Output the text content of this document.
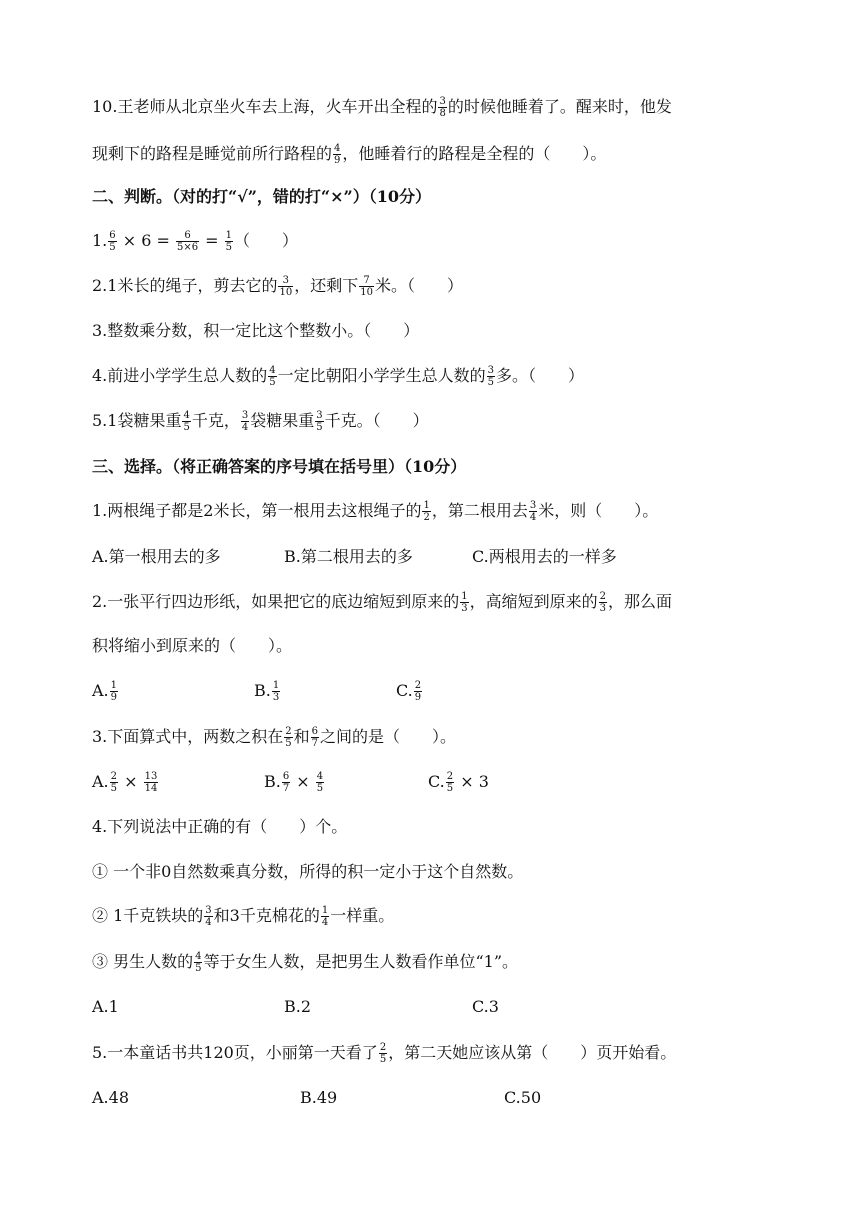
10.王老师从北京坐火车去上海，火车开出全程的 $\frac{3}{8}$ 的时候他睡着了。醒来时，他发
现剩下的路程是睡觉前所行路程的 $\frac{4}{9}$ ，他睡着行的路程是全程的（　　）。
二、判断。（对的打“√”，错的打“×”）（10分）
1. $\frac{6}{5} \times 6 = \frac{6}{5\times 6} = \frac{1}{5}$ （　　）
2.1米长的绳子，剪去它的 $\frac{3}{10}$ ，还剩下 $\frac{7}{10}$ 米。（　　）
3.整数乘分数，积一定比这个整数小。（　　）
4.前进小学学生总人数的 $\frac{4}{5}$ 一定比朝阳小学学生总人数的 $\frac{3}{5}$ 多。（　　）
5.1袋糖果重 $\frac{4}{5}$ 千克， $\frac{3}{4}$ 袋糖果重 $\frac{3}{5}$ 千克。（　　）
三、选择。（将正确答案的序号填在括号里）（10分）
1.两根绳子都是2米长，第一根用去这根绳子的 $\frac{1}{2}$ ，第二根用去 $\frac{3}{4}$ 米，则（　　）。
A.第一根用去的多	B.第二根用去的多	C.两根用去的一样多
2.一张平行四边形纸，如果把它的底边缩短到原来的 $\frac{1}{3}$ ，高缩短到原来的 $\frac{2}{3}$ ，那么面
积将缩小到原来的（　　）。
A. $\frac{1}{9}$	B. $\frac{1}{3}$	C. $\frac{2}{9}$
3.下面算式中，两数之积在 $\frac{2}{5}$ 和 $\frac{6}{7}$ 之间的是（　　）。
A. $\frac{2}{5} \times \frac{13}{14}$	B. $\frac{6}{7} \times \frac{4}{5}$	C. $\frac{2}{5} \times 3$
4.下列说法中正确的有（　　）个。
① 一个非0自然数乘真分数，所得的积一定小于这个自然数。
② 1千克铁块的 $\frac{3}{4}$ 和3千克棉花的 $\frac{1}{4}$ 一样重。
③ 男生人数的 $\frac{4}{5}$ 等于女生人数，是把男生人数看作单位“1”。
A.1	B.2	C.3
5.一本童话书共120页，小丽第一天看了 $\frac{2}{5}$ ，第二天她应该从第（　　）页开始看。
A.48	B.49	C.50
